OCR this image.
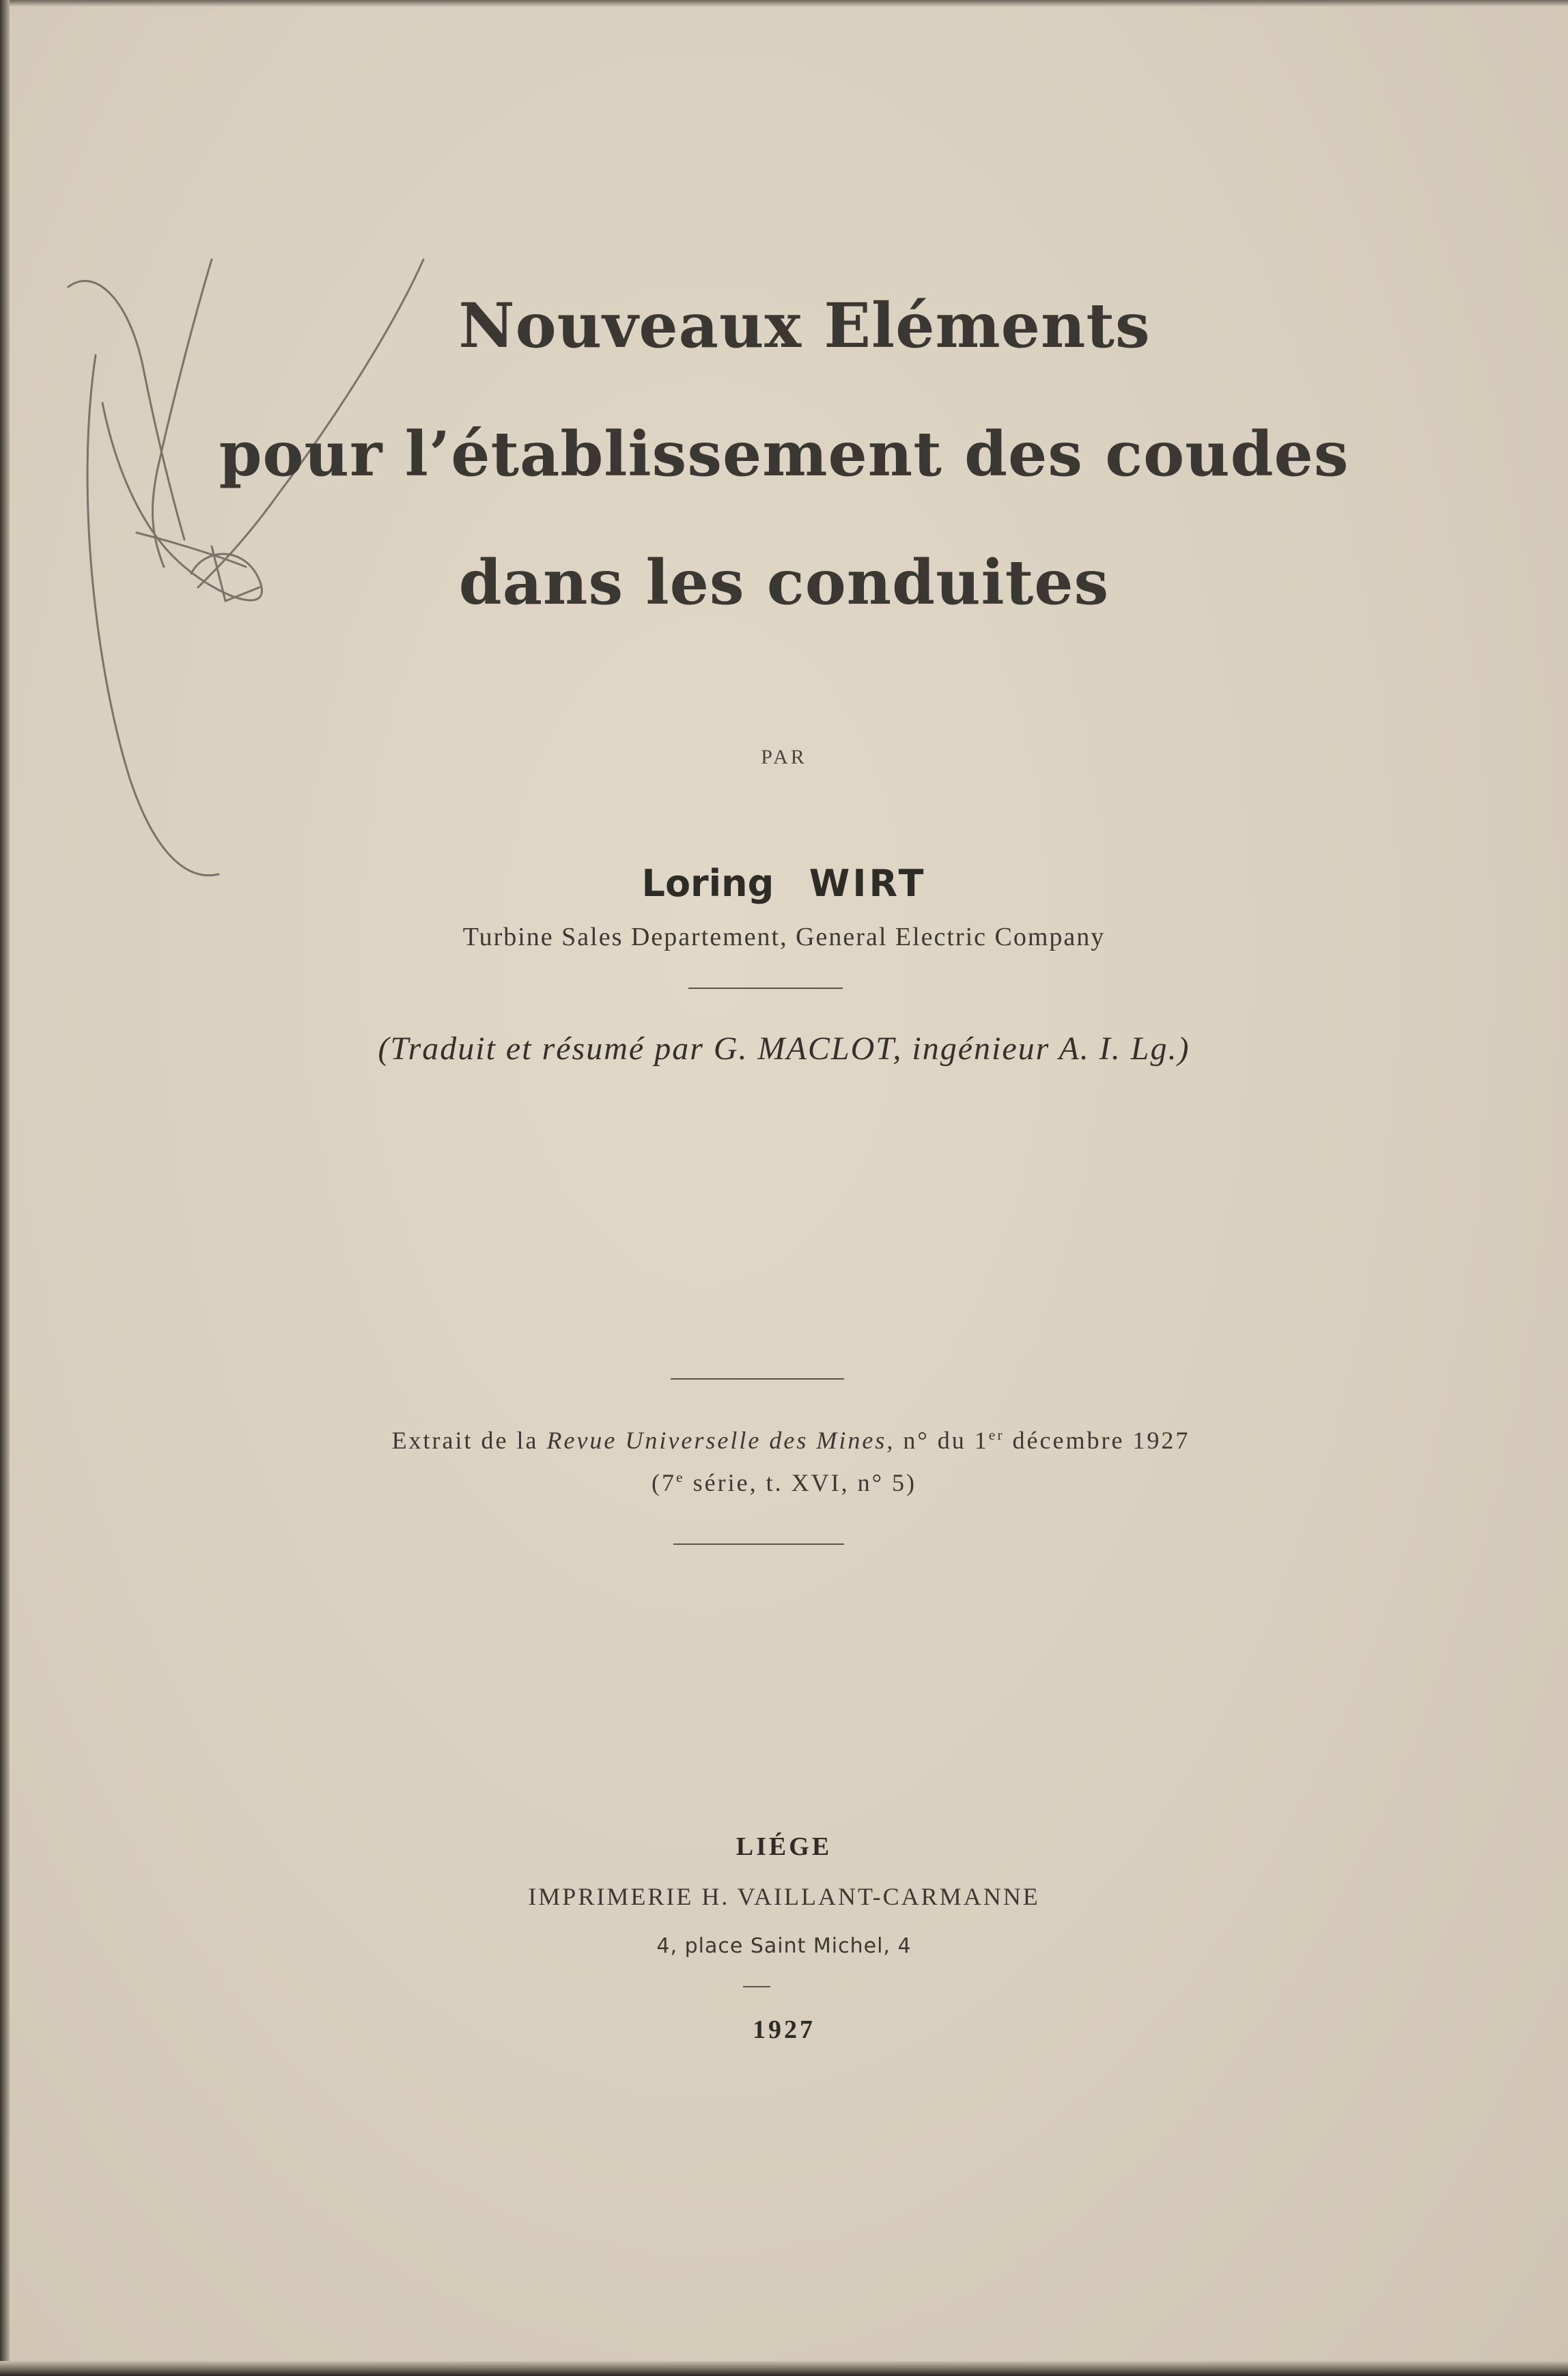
Nouveaux Eléments
pour l’établissement des coudes
dans les conduites
PAR
Loring WIRT
Turbine Sales Departement, General Electric Company
(Traduit et résumé par G. MACLOT, ingénieur A. I. Lg.)
Extrait de la Revue Universelle des Mines, n° du 1er décembre 1927
(7e série, t. XVI, n° 5)
LIÉGE
IMPRIMERIE H. VAILLANT-CARMANNE
4, place Saint Michel, 4
1927
